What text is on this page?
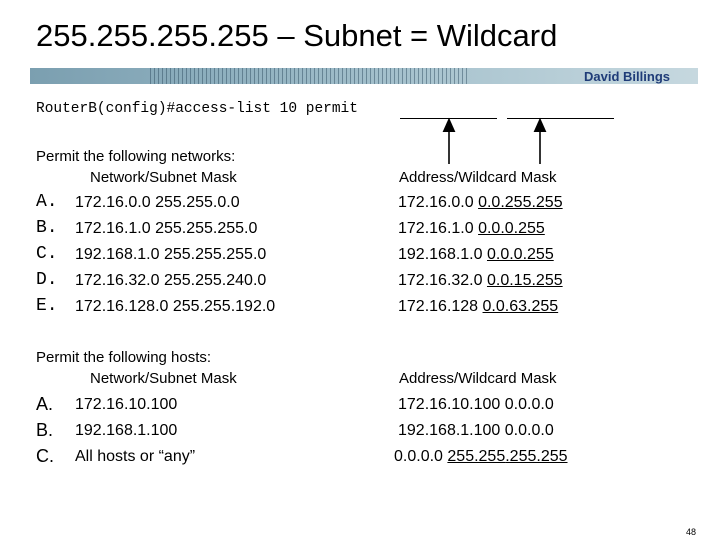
255.255.255.255 – Subnet = Wildcard
David Billings
RouterB(config)#access-list 10 permit
Permit the following networks:
Network/Subnet Mask	Address/Wildcard Mask
A.
B.
C.
D.
E.
172.16.0.0 255.255.0.0
172.16.1.0 255.255.255.0
192.168.1.0 255.255.255.0
172.16.32.0 255.255.240.0
172.16.128.0 255.255.192.0
172.16.0.0 0.0.255.255
172.16.1.0 0.0.0.255
192.168.1.0 0.0.0.255
172.16.32.0 0.0.15.255
172.16.128 0.0.63.255
Permit the following hosts:
Network/Subnet Mask	Address/Wildcard Mask
A.
B.
C.
172.16.10.100
192.168.1.100
All hosts or “any”
172.16.10.100 0.0.0.0
192.168.1.100 0.0.0.0
0.0.0.0 255.255.255.255
48
